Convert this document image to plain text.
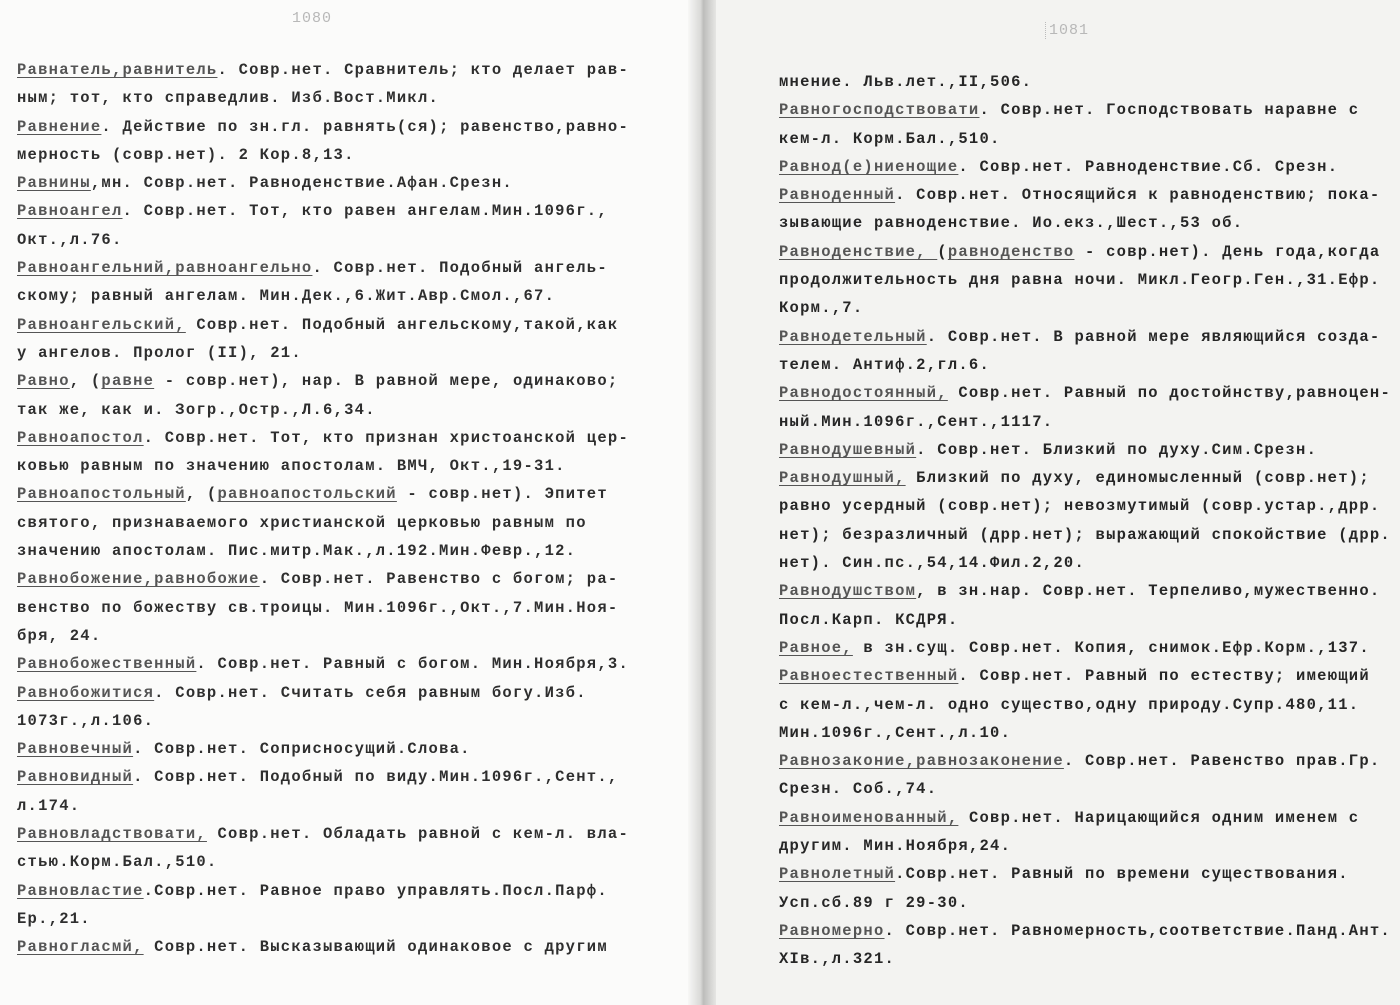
1080
Равнатель,равнитель. Совр.нет. Сравнитель; кто делает рав-
ным; тот, кто справедлив. Изб.Вост.Микл.
Равнение. Действие по зн.гл. равнять(ся); равенство,равно-
мерность (совр.нет). 2 Кор.8,13.
Равнины,мн. Совр.нет. Равноденствие.Афан.Срезн.
Равноангел. Совр.нет. Тот, кто равен ангелам.Мин.1096г.,
Окт.,л.76.
Равноангельний,равноангельно. Совр.нет. Подобный ангель-
скому; равный ангелам. Мин.Дек.,6.Жит.Авр.Смол.,67.
Равноангельский, Совр.нет. Подобный ангельскому,такой,как
у ангелов. Пролог (II), 21.
Равно, (равне - совр.нет), нар. В равной мере, одинаково;
так же, как и. Зогр.,Остр.,Л.6,34.
Равноапостол. Совр.нет. Тот, кто признан христоанской цер-
ковью равным по значению апостолам. ВМЧ, Окт.,19-31.
Равноапостольный, (равноапостольский - совр.нет). Эпитет
святого, признаваемого христианской церковью равным по
значению апостолам. Пис.митр.Мак.,л.192.Мин.Февр.,12.
Равнобожение,равнобожие. Совр.нет. Равенство с богом; ра-
венство по божеству св.троицы. Мин.1096г.,Окт.,7.Мин.Ноя-
бря, 24.
Равнобожественный. Совр.нет. Равный с богом. Мин.Ноября,3.
Равнобожитися. Совр.нет. Считать себя равным богу.Изб.
1073г.,л.106.
Равновечный. Совр.нет. Соприсносущий.Слова.
Равновидный. Совр.нет. Подобный по виду.Мин.1096г.,Сент.,
л.174.
Равновладствовати, Совр.нет. Обладать равной с кем-л. вла-
стью.Корм.Бал.,510.
Равновластие.Совр.нет. Равное право управлять.Посл.Парф.
Ер.,21.
Равногласмй, Совр.нет. Высказывающий одинаковое с другим
1081
мнение. Льв.лет.,II,506.
Равногосподствовати. Совр.нет. Господствовать наравне с
кем-л. Корм.Бал.,510.
Равнод(е)ниенощие. Совр.нет. Равноденствие.Сб. Срезн.
Равноденный. Совр.нет. Относящийся к равноденствию; пока-
зывающие равноденствие. Ио.екз.,Шест.,53 об.
Равноденствие, (равноденство - совр.нет). День года,когда
продолжительность дня равна ночи. Микл.Геогр.Ген.,31.Ефр.
Корм.,7.
Равнодетельный. Совр.нет. В равной мере являющийся созда-
телем. Антиф.2,гл.6.
Равнодостоянный, Совр.нет. Равный по достойнству,равноцен-
ный.Мин.1096г.,Сент.,1117.
Равнодушевный. Совр.нет. Близкий по духу.Сим.Срезн.
Равнодушный, Близкий по духу, единомысленный (совр.нет);
равно усердный (совр.нет); невозмутимый (совр.устар.,дрр.
нет); безразличный (дрр.нет); выражающий спокойствие (дрр.
нет). Син.пс.,54,14.Фил.2,20.
Равнодушством, в зн.нар. Совр.нет. Терпеливо,мужественно.
Посл.Карп. КСДРЯ.
Равное, в зн.сущ. Совр.нет. Копия, снимок.Ефр.Корм.,137.
Равноестественный. Совр.нет. Равный по естеству; имеющий
с кем-л.,чем-л. одно существо,одну природу.Супр.480,11.
Мин.1096г.,Сент.,л.10.
Равнозаконие,равнозаконение. Совр.нет. Равенство прав.Гр.
Срезн. Соб.,74.
Равноименованный, Совр.нет. Нарицающийся одним именем с
другим. Мин.Ноября,24.
Равнолетный.Совр.нет. Равный по времени существования.
Усп.сб.89 г 29-30.
Равномерно. Совр.нет. Равномерность,соответствие.Панд.Ант.
XIв.,л.321.
